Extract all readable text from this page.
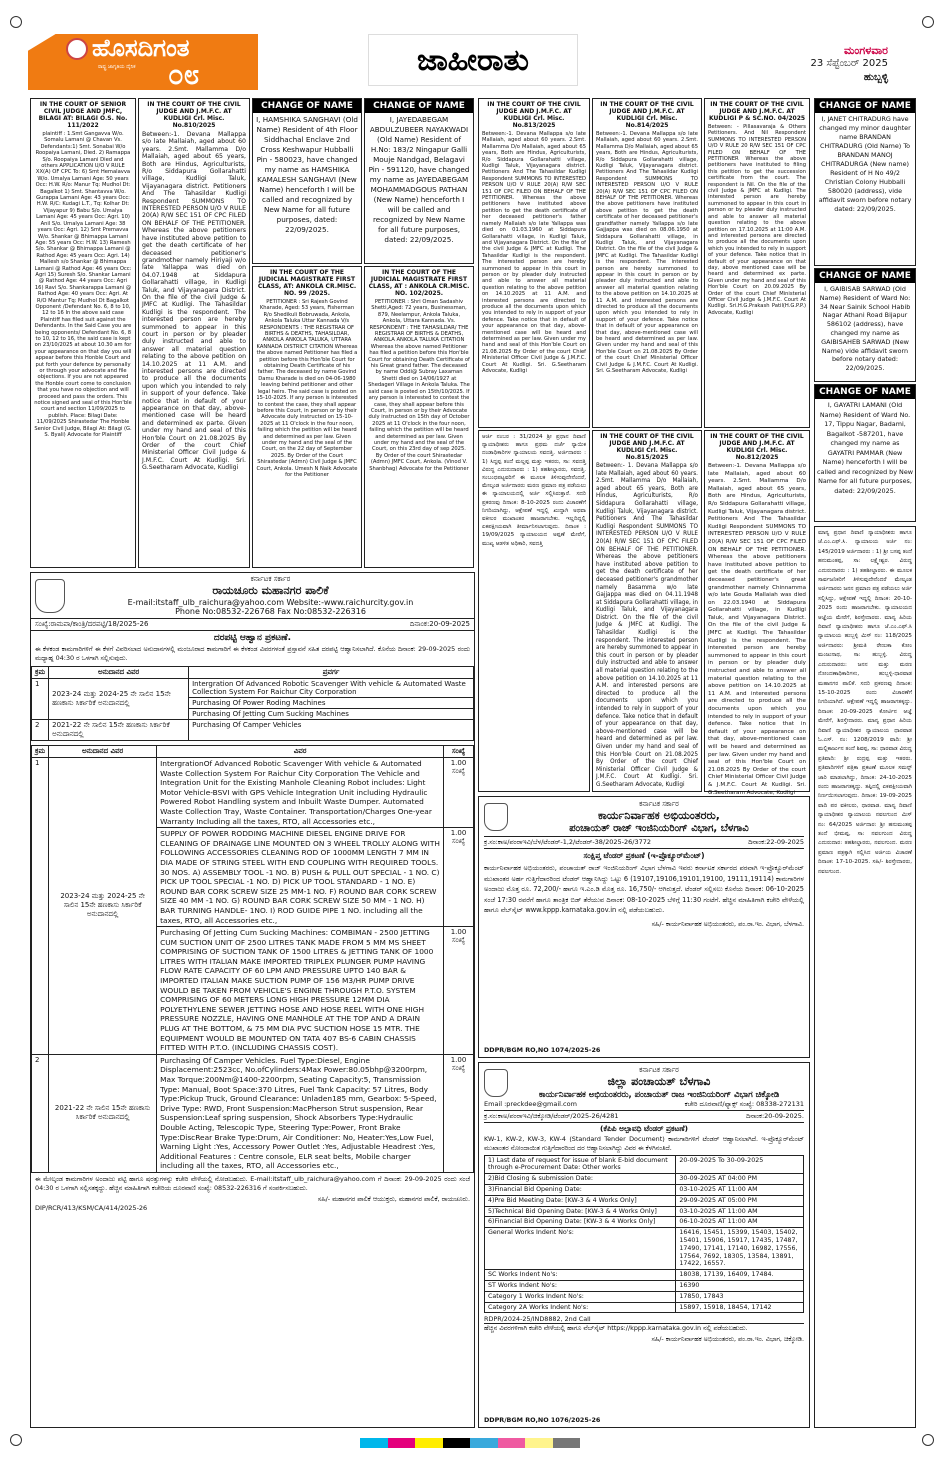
ಹೊಸದಿಗಂತ
ರಾಷ್ಟ್ರ ಜಾಗೃತಿಯ ದೈನಿಕ ೦೮	ಜಾಹೀರಾತು	ಮಂಗಳವಾರ
23 ಸೆಪ್ಟೆಂಬರ್ 2025
ಹುಬ್ಬಳ್ಳಿ
IN THE COURT OF SENIOR CIVIL JUDGE AND JMFC, BILAGI AT: BILAGI O.S. No. 111/2022
plaintiff : 1.Smt Gangavva W/o. Somalu Lamani @ Chavan Vs. Defendants:1) Smt. Sonabai W/o Roopaiya Lamani, Died. 2) Ramappa S/o. Roopaiya Lamani Died and others APPLICATION U/O V RULE XX(A) OF CPC To: 6) Smt Hemalavva W/o. Umalya Lamani Age: 50 years Occ: H.W. R/o: Manur Tq: Mudhol Dt: Bagalkot 1) Smt. Shantavva W/o. Gurappa Lamani Age: 43 years Occ: H.W. R/C: Kudagi L.T., Tq: Kolhar Dt: Vijayapur 9) Babu S/o. Umalya Lamani Age: 45 years Occ: Agri. 10) Anil S/o. Umalya Lamani Age: 38 years Occ: Agri. 12) Smt Premavva W/o. Shankar @ Bhimappa Lamani Age: 55 years Occ: H.W. 13) Ramesh S/o. Shankar @ Bhimappa Lamani @ Rathod Age: 45 years Occ: Agri. 14) Mallesh s/o Shankar @ Bhimappa Lamani @ Rathod Age: 46 years Occ: Agri 15) Suresh S/o. Shankar Lamani @ Rathod Age: 44 years Occ: Agri 16) Ravi S/o. Shankarappa Lamani @ Rathod Age: 40 years Occ: Agri. At R/O Mantur Tq: Mudhol Dt Bagalkot Opponent /Defendant No. 6, 8 to 10, 12 to 16 In the above said case Plaintiff has filed suit against the Defendants. In the Said Case you are being opponents/ Defendant No. 6, 8 to 10, 12 to 16, the said case is kept on 23/10/2025 at about 10.30 am for your appearance on that day you will appear before this Honble Court and put forth your defence by personally or through your advocate and file objections. If you are not appeared the Honble court come to conclusion that you have no objection and will proceed and pass the orders. This notice signed and seal of this Hon'ble court and section 11/09/2025 to publish. Place: Bilagi Date: 11/09/2025 Shirastedar The Honble Senior Civil Judge, Bilagi At: Bilagi (G. S. Byali) Advocate for Plaintiff
IN THE COURT OF THE CIVIL JUDGE AND J.M.F.C. AT KUDLIGI Crl. Misc. No.810/2025
Between:-1. Devana Mallappa s/o late Mallaiah, aged about 60 years. 2.Smt. Mallamma D/o Mallaiah, aged about 65 years, Both are Hindus, Agriculturists, R/o Siddapura Gollarahatti village, Kudligi Taluk, Vijayanagara district. Petitioners And The Tahasildar Kudligi Respondent SUMMONS TO INTERESTED PERSON U/O V RULE 20(A) R/W SEC 151 OF CPC FILED ON BEHALF OF THE PETITIONER. Whereas the above petitioners have instituted above petition to get the death certificate of her deceased petitioner's grandmother namely Hiriyaji w/o late Yallappa was died on 04.07.1948 at Siddapura Gollarahatti village, in Kudligi Taluk, and Vijayanagara District. On the file of the civil Judge & JMFC at Kudligi. The Tahasildar Kudligi is the respondent. The interested person are hereby summoned to appear in this court in person or by pleader duly instructed and able to answer all material question relating to the above petition on 14.10.2025 at 11 A.M. and interested persons are directed to produce all the documents upon which you intended to rely in support of your defence. Take notice that in default of your appearance on that day, above-mentioned case will be heard and determined ex parte. Given under my hand and seal of this Hon'ble Court on 21.08.2025 By Order of the court Chief Ministerial Officer Civil Judge & J.M.F.C. Court At Kudligi. Sri. G.Seetharam Advocate, Kudligi
CHANGE OF NAME
I, HAMSHIKA SANGHAVI (Old Name) Resident of 4th Floor Siddhachal Enclave 2nd Cross Keshwapur Hubballi Pin - 580023, have changed my name as HAMSHIKA KAMALESH SANGHAVI (New Name) henceforth I will be called and recognized by New Name for all future purposes, dated: 22/09/2025.
CHANGE OF NAME
I, JAYEDABEGAM ABDULZUBEER NAYAKWADI (Old Name) Resident of H.No: 183/2 Ningapur Galli Mouje Nandgad, Belagavi Pin - 591120, have changed my name as JAYEDABEGAM MOHAMMADGOUS PATHAN (New Name) henceforth I will be called and recognized by New Name for all future purposes, dated: 22/09/2025.
IN THE COURT OF THE JUDICIAL MAGISTRATE FIRST CLASS, AT: ANKOLA CR.MISC. NO. 99 /2025.
PETITIONER : Sri Rajesh Govind Kharade, Aged: 53 years, Fisherman R/o Shedikuli Bobruwada, Ankola, Ankola Taluka Uttar Kannada V/s RESPONDENTS : THE REGISTRAR OF BIRTHS & DEATHS, TAHASILDAR, ANKOLA ANKOLA TALUKA, UTTARA KANNADA DISTRICT CITATION Whereas the above named Petitioner has filed a petition before this Hon'ble Court for obtaining Death Certificate of his father. The deceased by name Govind Damu Kharade is died on 04-06-1980 leaving behind petitioner and other legal heirs. The said case is posted on 15-10-2025. If any person is interested to contest the case, they shall appear before this Court, in person or by their Advocate duly instructed on 15-10-2025 at 11 O'clock in the four noon, failing which the petition will be heard and determined as per law. Given under my hand and the seal of the Court, on the 22 day of September 2025. By Order of the Court Shirastedar (Admn) Civil Judge & JMFC Court, Ankola. Umesh N Naik Advocate for the Petitioner
IN THE COURT OF THE JUDICIAL MAGISTRATE FIRST CLASS, AT : ANKOLA CR.MISC. NO. 102/2025.
PETITIONER : Shri Oman Sadashiv Shetti,Aged: 72 years, Businessman, 879, Neelampur, Ankola Taluka, Ankola, Uttara Kannada. Vs. RESPONDENT : THE TAHASILDAR/ THE REGISTRAR OF BIRTHS & DEATHS, ANKOLA ANKOLA TALUKA CITATION Whereas the above named Petitioner has filed a petition before this Hon'ble Court for obtaining Death Certificate of his Great grand father. The deceased by name Oddi@ Subray Laxaman Shetti died on 14/06/1927 at Shedageri Village in Ankola Taluka. The said case is posted on 15th/10/2025. If any person is interested to contest the case, they shall appear before this Court, in person or by their Advocate duly instructed on 15th day of October 2025 at 11 O'clock in the four noon, failing which the petition will be heard and determined as per law. Given under my hand and the seal of the Court, on this 23rd day of sep 2025. By Order of the court Shirastedar (Admn) JMFC Court, Ankola. (Vinod V. Shanbhag) Advocate for the Petitioner
IN THE COURT OF THE CIVIL JUDGE AND J.M.F.C. AT KUDLIGI Crl. Misc. No.813/2025
Between:-1. Devana Mallappa s/o late Mallaiah, aged about 60 years. 2.Smt. Mallamma D/o Mallaiah, aged about 65 years, Both are Hindus, Agriculturists, R/o Siddapura Gollarahatti village, Kudligi Taluk, Vijayanagara district. Petitioners And The Tahasildar Kudligi Respondent SUMMONS TO INTERESTED PERSON U/O V RULE 20(A) R/W SEC 151 OF CPC FILED ON BEHALF OF THE PETITIONER. Whereas the above petitioners have instituted above petition to get the death certificate of her deceased petitioner's father namely Mallaiah s/o late Yallappa was died on 01.03.1960 at Siddapura Gollarahatti village, in Kudligi Taluk, and Vijayanagara District. On the file of the civil Judge & JMFC at Kudligi. The Tahasildar Kudligi is the respondent. The interested person are hereby summoned to appear in this court in person or by pleader duly instructed and able to answer all material question relating to the above petition on 14.10.2025 at 11 A.M. and interested persons are directed to produce all the documents upon which you intended to rely in support of your defence. Take notice that in default of your appearance on that day, above-mentioned case will be heard and determined as per law. Given under my hand and seal of this Hon'ble Court on 21.08.2025 By Order of the court Chief Ministerial Officer Civil Judge & J.M.F.C. Court At Kudligi. Sri. G.Seetharam Advocate, Kudligi
IN THE COURT OF THE CIVIL JUDGE AND J.M.F.C. AT KUDLIGI Crl. Misc. No.814/2025
Between:-1. Devana Mallappa s/o late Mallaiah, aged about 60 years. 2.Smt. Mallamma D/o Mallaiah, aged about 65 years, Both are Hindus, Agriculturists, R/o Siddapura Gollarahatti village, Kudligi Taluk, Vijayanagara district. Petitioners And The Tahasildar Kudligi Respondent SUMMONS TO INTERESTED PERSON U/O V RULE 20(A) R/W SEC 151 OF CPC FILED ON BEHALF OF THE PETITIONER. Whereas the above petitioners have instituted above petition to get the death certificate of her deceased petitioner's grandfather namely Yallappa s/o late Gajjappa was died on 08.06.1950 at Siddapura Gollarahatti village, in Kudligi Taluk, and Vijayanagara District. On the file of the civil Judge & JMFC at Kudligi. The Tahasildar Kudligi is the respondent. The interested person are hereby summoned to appear in this court in person or by pleader duly instructed and able to answer all material question relating to the above petition on 14.10.2025 at 11 A.M. and interested persons are directed to produce all the documents upon which you intended to rely in support of your defence. Take notice that in default of your appearance on that day, above-mentioned case will be heard and determined as per law. Given under my hand and seal of this Hon'ble Court on 21.08.2025 By Order of the court Chief Ministerial Officer Civil Judge & J.M.F.C. Court At Kudligi. Sri. G.Seetharam Advocate, Kudligi
IN THE COURT OF THE CIVIL JUDGE AND J.M.F.C. AT KUDLIGI P & SC.NO. 04/2025
Between: - Pillasavaraja & Others Petitioners. And Nil Respondent SUMMONS TO INTERESTED PERSON U/O V RULE 20 R/W SEC 151 OF CPC FILED ON BEHALF OF THE PETITIONER Whereas the above petitioners have instituted to filing this petition to get the succession certificate from the court. The respondent is Nil. On the file of the civil Judge & JMFC at Kudligi. The interested person are hereby summoned to appear in this court in person or by pleader duly instructed and able to answer all material question relating to the above petition on 17.10.2025 at 11:00 A.M. and interested persons are directed to produce all the documents upon which you intended to rely in support of your defence. Take notice that in default of your appearance on that day, above mentioned case will be heard and determined ex parte. Given under my hand and seal of this Hon'ble Court on 20.09.2025 By Order of the court Chief Ministerial Officer Civil Judge & J.M.F.C. Court At Kudligi. Sri.H.G.Prakash Patil(H.G.P.P.) Advocate, Kudligi
CHANGE OF NAME
I, JANET CHITRADURG have changed my minor daughter name BRANDAN CHITRADURG (Old Name) To BRANDAN MANOJ CHITRADURGA (New name) Resident of H No 49/2 Christian Colony Hubballi 580020 (address), vide affidavit sworn before notary dated: 22/09/2025.
CHANGE OF NAME
I, GAIBISAB SARWAD (Old Name) Resident of Ward No: 34 Near Sainik School Habib Nagar Athani Road Bijapur 586102 (address), have changed my name as GAIBISAHEB SARWAD (New Name) vide affidavit sworn before notary dated: 22/09/2025.
CHANGE OF NAME
I, GAYATRI LAMANI (Old Name) Resident of Ward No. 17, Tippu Nagar, Badami, Bagalkot -587201, have changed my name as GAYATRI PAMMAR (New Name) henceforth I will be called and recognized by New Name for all future purposes, dated: 22/09/2025.
ಆರ್ಜಿ ನಂಬರ : 31/2024 ಶ್ರೀ ಪ್ರಧಾನ ದಿವಾಣಿ ನ್ಯಾಯಾಧೀಶರು ಹಾಗೂ ಪ್ರಥಮ ದರ್ಜೆ ನ್ಯಾಯಿಕ ದಂಡಾಧಿಕಾರಿಗಳ ನ್ಯಾಯಾಲಯ ಸವದತ್ತಿ. ಅರ್ಜಿದಾರರು : 1) ಸಿದ್ದಪ್ಪ ತಂದೆ ಮಲ್ಲಪ್ಪ ಮತ್ತು ಇತರರು, ಸಾ: ಸವದತ್ತಿ ವಿರುದ್ಧ ಎದುರುದಾರರು : 1) ತಹಶೀಲ್ದಾರರು, ಸವದತ್ತಿ. ಸಂಬಂಧಪಟ್ಟವರಿಗೆ ಈ ಮೂಲಕ ತಿಳಿಸುವುದೇನೆಂದರೆ, ಮೇಲ್ಕಂಡ ಅರ್ಜಿದಾರರು ಮರಣ ಪ್ರಮಾಣ ಪತ್ರ ಪಡೆಯಲು ಈ ನ್ಯಾಯಾಲಯದಲ್ಲಿ ಅರ್ಜಿ ಸಲ್ಲಿಸಿರುತ್ತಾರೆ. ಸದರಿ ಪ್ರಕರಣವು ದಿನಾಂಕ: 8-10-2025 ರಂದು ವಿಚಾರಣೆಗೆ ನಿಗದಿಯಾಗಿದ್ದು, ಆಕ್ಷೇಪಣೆ ಇದ್ದಲ್ಲಿ ಖುದ್ದಾಗಿ ಅಥವಾ ವಕೀಲರ ಮುಖಾಂತರ ಹಾಜರಾಗಬೇಕು. ಇಲ್ಲದಿದ್ದಲ್ಲಿ ಏಕಪಕ್ಷೀಯವಾಗಿ ತೀರ್ಮಾನಿಸಲಾಗುವುದು. ದಿನಾಂಕ : 19/09/2025 ನ್ಯಾಯಾಲಯದ ಅಪ್ಪಣೆ ಮೇರೆಗೆ, ಮುಖ್ಯ ಆಡಳಿತ ಅಧಿಕಾರಿ, ಸವದತ್ತಿ
IN THE COURT OF THE CIVIL JUDGE AND J.M.F.C. AT KUDLIGI Crl. Misc. No.815/2025
Between:- 1. Devana Mallappa s/o late Mallaiah, aged about 60 years. 2.Smt. Mallamma D/o Mallaiah, aged about 65 years, Both are Hindus, Agriculturists, R/o Siddapura Gollarahatti village, Kudligi Taluk, Vijayanagara district. Petitioners And The Tahasildar Kudligi Respondent SUMMONS TO INTERESTED PERSON U/O V RULE 20(A) R/W SEC 151 OF CPC FILED ON BEHALF OF THE PETITIONER. Whereas the above petitioners have instituted above petition to get the death certificate of her deceased petitioner's grandmother namely Basamma w/o late Gajjappa was died on 04.11.1948 at Siddapura Gollarahatti village, in Kudligi Taluk, and Vijayanagara District. On the file of the civil Judge & JMFC at Kudligi. The Tahasildar Kudligi is the respondent. The interested person are hereby summoned to appear in this court in person or by pleader duly instructed and able to answer all material question relating to the above petition on 14.10.2025 at 11 A.M. and interested persons are directed to produce all the documents upon which you intended to rely in support of your defence. Take notice that in default of your appearance on that day, above-mentioned case will be heard and determined as per law. Given under my hand and seal of this Hon'ble Court on 21.08.2025 By Order of the court Chief Ministerial Officer Civil Judge & J.M.F.C. Court At Kudligi. Sri. G.Seetharam Advocate, Kudligi
IN THE COURT OF THE CIVIL JUDGE AND J.M.F.C. AT KUDLIGI Crl. Misc. No.812/2025
Between:-1. Devana Mallappa s/o late Mallaiah, aged about 60 years. 2.Smt. Mallamma D/o Mallaiah, aged about 65 years, Both are Hindus, Agriculturists, R/o Siddapura Gollarahatti village, Kudligi Taluk, Vijayanagara district. Petitioners And The Tahasildar Kudligi Respondent SUMMONS TO INTERESTED PERSON U/O V RULE 20(A) R/W SEC 151 OF CPC FILED ON BEHALF OF THE PETITIONER. Whereas the above petitioners have instituted above petition to get the death certificate of her deceased petitioner's great grandmother namely Chinnamma w/o late Gouda Mallaiah was died on 22.03.1940 at Siddapura Gollarahatti village, in Kudligi Taluk, and Vijayanagara District. On the file of the civil Judge & JMFC at Kudligi. The Tahasildar Kudligi is the respondent. The interested person are hereby summoned to appear in this court in person or by pleader duly instructed and able to answer all material question relating to the above petition on 14.10.2025 at 11 A.M. and interested persons are directed to produce all the documents upon which you intended to rely in support of your defence. Take notice that in default of your appearance on that day, above-mentioned case will be heard and determined as per law. Given under my hand and seal of this Hon'ble Court on 21.08.2025 By Order of the court Chief Ministerial Officer Civil Judge & J.M.F.C. Court At Kudligi. Sri. G.Seetharam Advocate, Kudligi
ಮಾನ್ಯ ಪ್ರಧಾನ ದಿವಾಣಿ ನ್ಯಾಯಾಧೀಶರು ಹಾಗೂ ಜೆ.ಎಂ.ಎಫ್.ಸಿ. ನ್ಯಾಯಾಲಯ ಅರ್ಜಿ ನಂ: 145/2019 ಅರ್ಜಿದಾರರು : 1) ಶ್ರೀ ಬಸಪ್ಪ ತಂದೆ ಹನುಮಂತಪ್ಪ, ಸಾ: ಲಕ್ಷ್ಮೇಶ್ವರ. ವಿರುದ್ಧ ಎದುರುದಾರರು : 1) ತಹಶೀಲ್ದಾರರು. ಈ ಮೂಲಕ ಸಾರ್ವಜನಿಕರಿಗೆ ತಿಳಿಸುವುದೇನೆಂದರೆ ಮೇಲ್ಕಂಡ ಅರ್ಜಿದಾರರು ಜನನ ಪ್ರಮಾಣ ಪತ್ರ ಪಡೆಯಲು ಅರ್ಜಿ ಸಲ್ಲಿಸಿದ್ದು, ಆಕ್ಷೇಪಣೆ ಇದ್ದಲ್ಲಿ ದಿನಾಂಕ: 20-10-2025 ರಂದು ಹಾಜರಾಗಬೇಕು. ನ್ಯಾಯಾಲಯದ ಆಜ್ಞೆಯ ಮೇರೆಗೆ, ಶಿರಸ್ತೇದಾರರು. ಮಾನ್ಯ ಹಿರಿಯ ದಿವಾಣಿ ನ್ಯಾಯಾಧೀಶರು ಹಾಗೂ ಜೆ.ಎಂ.ಎಫ್.ಸಿ ನ್ಯಾಯಾಲಯ ಹುಬ್ಬಳ್ಳಿ ಮಿಸ್ ನಂ: 118/2025 ಅರ್ಜಿದಾರರು: ಶ್ರೀಮತಿ ರೇಣುಕಾ ಕೋಂ ಮಂಜುನಾಥ, ಸಾ: ಹುಬ್ಬಳ್ಳಿ. ವಿರುದ್ಧ ಎದುರುದಾರರು: ಜನನ ಮತ್ತು ಮರಣ ನೋಂದಣಾಧಿಕಾರಿಗಳು, ಹುಬ್ಬಳ್ಳಿ-ಧಾರವಾಡ ಮಹಾನಗರ ಪಾಲಿಕೆ. ಸದರಿ ಪ್ರಕರಣವು ದಿನಾಂಕ: 15-10-2025 ರಂದು ವಿಚಾರಣೆಗೆ ನಿಗದಿಯಾಗಿದೆ. ಆಕ್ಷೇಪಣೆ ಇದ್ದಲ್ಲಿ ಹಾಜರಾಗತಕ್ಕದ್ದು. ದಿನಾಂಕ: 20-09-2025 ಕೋರ್ಟಿನ ಆಜ್ಞೆ ಮೇರೆಗೆ, ಶಿರಸ್ತೇದಾರರು. ಮಾನ್ಯ ಪ್ರಧಾನ ಹಿರಿಯ ದಿವಾಣಿ ನ್ಯಾಯಾಧೀಶರ ನ್ಯಾಯಾಲಯ ಧಾರವಾಡ ಓ.ಎಸ್. ನಂ: 1208/2019 ವಾದಿ: ಶ್ರೀ ಮಲ್ಲಿಕಾರ್ಜುನ ತಂದೆ ಶಿವಪ್ಪ, ಸಾ: ಧಾರವಾಡ ವಿರುದ್ಧ ಪ್ರತಿವಾದಿ: ಶ್ರೀ ರುದ್ರಪ್ಪ ಮತ್ತು ಇತರರು. ಪ್ರತಿವಾದಿಗಳಿಗೆ ಪತ್ರಿಕಾ ಪ್ರಕಟಣೆ ಮೂಲಕ ಸಮನ್ಸ್ ಜಾರಿ ಮಾಡಲಾಗಿದ್ದು, ದಿನಾಂಕ: 24-10-2025 ರಂದು ಹಾಜರಾಗತಕ್ಕದ್ದು. ತಪ್ಪಿದಲ್ಲಿ ಏಕಪಕ್ಷೀಯವಾಗಿ ನಿರ್ಣಯಿಸಲಾಗುವುದು. ದಿನಾಂಕ: 19-09-2025 ವಾದಿ ಪರ ವಕೀಲರು, ಧಾರವಾಡ. ಮಾನ್ಯ ದಿವಾಣಿ ನ್ಯಾಯಾಧೀಶರ ನ್ಯಾಯಾಲಯ ನವಲಗುಂದ ಮಿಸ್ ನಂ: 64/2025 ಅರ್ಜಿದಾರ: ಶ್ರೀ ಹನುಮಂತಪ್ಪ ತಂದೆ ಭೀಮಪ್ಪ, ಸಾ: ನವಲಗುಂದ ವಿರುದ್ಧ ಎದುರುದಾರ: ತಹಶೀಲ್ದಾರರು, ನವಲಗುಂದ. ಮರಣ ಪ್ರಮಾಣ ಪತ್ರಕ್ಕಾಗಿ ಸಲ್ಲಿಸಿದ ಅರ್ಜಿಯ ವಿಚಾರಣೆ ದಿನಾಂಕ: 17-10-2025. ಸಹಿ/- ಶಿರಸ್ತೇದಾರರು, ನವಲಗುಂದ.
ಕರ್ನಾಟಕ ಸರ್ಕಾರ
ರಾಯಚೂರು ಮಹಾನಗರ ಪಾಲಿಕೆ
E-mail:itstaff_ulb_raichura@yahoo.com Website:-www.raichurcity.gov.in
Phone No:08532-226768 Fax No:08532-226316
ಸಂಖ್ಯೆ:ರಾಮಪಾ/ಕಾಂತ್ರಿ/ದರಪಟ್ಟಿ/18/2025-26	ದಿನಾಂಕ:20-09-2025
ದರಪಟ್ಟಿ ಆಹ್ವಾನ ಪ್ರಕಟಣೆ.
ಈ ಕೆಳಕಂಡ ಕಾಮಗಾರಿಗಳಿಗೆ ಈ ಕೆಳಗೆ ವಿವರಿಸಲಾದ ಅನುದಾನಗಳಲ್ಲಿ ಮಂಜೂರಾದ ಕಾಮಗಾರಿಗೆ ಈ ಕೆಳಕಂಡ ವಿವರಗಳಂತೆ ಪ್ರಸ್ತಾವನೆ ಸಹಿತ ದರಪಟ್ಟಿ ಆಹ್ವಾನಿಸಲಾಗಿದೆ. ಕೊನೆಯ ದಿನಾಂಕ: 29-09-2025 ರಂದು ಮಧ್ಯಾಹ್ನ 04:30 ರ ಒಳಗಾಗಿ ಸಲ್ಲಿಸುವುದು.
ಕ್ರಮ	ಅನುದಾನದ ವಿವರ	ಪ್ರವರ್ಗ
1	2023-24 ಮತ್ತು 2024-25 ನೇ ಸಾಲಿನ 15ನೇ ಹಣಕಾಸು ಸಿರ್ಕಾರಿಕೆ ಅನುದಾನದಲ್ಲಿ	Intergration Of Advanced Robotic Scavenger With vehicle & Automated Waste Collection System For Raichur City Corporation
		Purchasing Of Power Roding Machines
		Purchasing Of Jetting Cum Sucking Machines
2	2021-22 ನೇ ಸಾಲಿನ 15ನೇ ಹಣಕಾಸು ಸಿರ್ಕಾರಿಕೆ ಅನುದಾನದಲ್ಲಿ	Purchasing Of Camper Vehicles
ಕ್ರಮ	ಅನುದಾನದ ವಿವರ	ವಿವರ	ಸಂಖ್ಯೆ
1	2023-24 ಮತ್ತು 2024-25 ನೇ ಸಾಲಿನ 15ನೇ ಹಣಕಾಸು ಸಿರ್ಕಾರಿಕೆ ಅನುದಾನದಲ್ಲಿ	IntergrationOf Advanced Robotic Scavenger With vehicle & Automated Waste Collection System For Raichur City Corporation The Vehicle and Integration Unit for the Existing Manhole Cleaning Robot includes: Light Motor Vehicle-BSVI with GPS Vehicle Integration Unit including Hydraulic Powered Robot Handling system and Inbuilt Waste Dumper. Automated Waste Collection Tray, Waste Container. Transportation/Charges One-year Warranty Including all the taxes, RTO, all Accessories etc.,	1.00 ಸಂಖ್ಯೆ
		SUPPLY OF POWER RODDING MACHINE DIESEL ENGINE DRIVE FOR CLEANING OF DRAINAGE LINE MOUNTED ON 3 WHEEL TROLLY ALONG WITH FOLLOWING ACCESSORIES CLEANING ROD OF 1000MM LENGTH 7 MM IN DIA MADE OF STRING STEEL WITH END COUPLING WITH REQUIRED TOOLS. 30 NOS. A) ASSEMBLY TOOL -1 NO. B) PUSH & PULL OUT SPECIAL - 1 NO. C) PICK UP TOOL SPECIAL -1 NO. D) PICK UP TOOL STANDARD - 1 NO. E) ROUND BAR CORK SCREW SIZE 25 MM-1 NO. F) ROUND BAR CORK SCREW SIZE 40 MM -1 NO. G) ROUND BAR CORK SCREW SIZE 50 MM - 1 NO. H) BAR TURNING HANDLE- 1NO. I) ROD GUIDE PIPE 1 NO. including all the taxes, RTO, all Accessories etc.,	1.00 ಸಂಖ್ಯೆ
		Purchasing Of Jetting Cum Sucking Machines: COMBIMAN - 2500 JETTING CUM SUCTION UNIT OF 2500 LITRES TANK MADE FROM 5 MM MS SHEET COMPRISING OF SUCTION TANK OF 1500 LITRES & JETTING TANK OF 1000 LITRES WITH ITALIAN MAKE IMPORTED TRIPLEX PLUNGER PUMP HAVING FLOW RATE CAPACITY OF 60 LPM AND PRESSURE UPTO 140 BAR & IMPORTED ITALIAN MAKE SUCTION PUMP OF 156 M3/HR PUMP DRIVE WOULD BE TAKEN FROM VEHICLE'S ENGINE THROUGH P.T.O. SYSTEM COMPRISING OF 60 METERS LONG HIGH PRESSURE 12MM DIA POLYETHYLENE SEWER JETTING HOSE AND HOSE REEL WITH ONE HIGH PRESSURE NOZZLE, HAVING ONE MANHOLE AT THE TOP AND A DRAIN PLUG AT THE BOTTOM, & 75 MM DIA PVC SUCTION HOSE 15 MTR. THE EQUIPMENT WOULD BE MOUNTED ON TATA 407 BS-6 CABIN CHASSIS FITTED WITH P.T.O. (INCLUDING CHASSIS COST).	1.00 ಸಂಖ್ಯೆ
2	2021-22 ನೇ ಸಾಲಿನ 15ನೇ ಹಣಕಾಸು ಸಿರ್ಕಾರಿಕೆ ಅನುದಾನದಲ್ಲಿ	Purchasing Of Camper Vehicles. Fuel Type:Diesel, Engine Displacement:2523cc, No.ofCylinders:4Max Power:80.05bhp@3200rpm, Max Torque:200Nm@1400-2200rpm, Seating Capacity:5, Transmission Type: Manual, Boot Space:370 Litres, Fuel Tank Capacity: 57 Litres, Body Type:Pickup Truck, Ground Clearance: Unladen185 mm, Gearbox: 5-Speed, Drive Type: RWD, Front Suspension:MacPherson Strut suspension, Rear Suspension:Leaf spring suspension, Shock Absorbers Type:Hydraulic Double Acting, Telescopic Type, Steering Type:Power, Front Brake Type:DiscRear Brake Type:Drum, Air Conditioner: No, Heater:Yes,Low Fuel, Warning Light :Yes, Accessory Power Outlet :Yes, Adjustable Headrest :Yes, Additional Features : Centre console, ELR seat belts, Mobile charger including all the taxes, RTO, all Accessories etc.,	1.00 ಸಂಖ್ಯೆ
ಈ ಮೇಲ್ಕಂಡ ಕಾಮಗಾರಿಗಳ ಅಂದಾಜು ಪಟ್ಟಿ ಹಾಗೂ ಷರತ್ತುಗಳನ್ನು ಕಚೇರಿ ವೇಳೆಯಲ್ಲಿ ನೋಡಬಹುದು. E-mail:itstaff_ulb_raichura@yahoo.com ಗೆ ದಿನಾಂಕ: 29-09-2025 ರಂದು ಸಂಜೆ 04:30 ರ ಒಳಗಾಗಿ ಸಲ್ಲಿಸತಕ್ಕದ್ದು. ಹೆಚ್ಚಿನ ಮಾಹಿತಿಗಾಗಿ ಕಚೇರಿಯ ದೂರವಾಣಿ ಸಂಖ್ಯೆ: 08532-226316 ಗೆ ಸಂಪರ್ಕಿಸಬಹುದು.
ಸಹಿ/- ಮಹಾನಗರ ಪಾಲಿಕೆ ಆಯುಕ್ತರು, ಮಹಾನಗರ ಪಾಲಿಕೆ, ರಾಯಚೂರು.
DIP/RCR/413/KSM/CA/414/2025-26
ಕರ್ನಾಟಕ ಸರ್ಕಾರ
ಕಾರ್ಯನಿರ್ವಾಹಕ ಅಭಿಯಂತರರು,
ಪಂಚಾಯತ್ ರಾಜ್ ಇಂಜಿನಿಯರಿಂಗ್ ವಿಭಾಗ, ಬೆಳಗಾವಿ
ಕ್ರ.ಸಂ:ಕಾಅ/ಪಂರಾಇವಿ/ಬೆಳ/ಟೆಂಡರ್-1,2/ಟೆಂಡರ್-38/2025-26/3772	ದಿನಾಂಕ:22-09-2025
ಸಂಕ್ಷಿಪ್ತ ಟೆಂಡರ್ ಪ್ರಕಟಣೆ (ಇ-ಪ್ರೊಕ್ಯೂರ್‌ಮೆಂಟ್)
ಕಾರ್ಯನಿರ್ವಾಹಕ ಅಭಿಯಂತರರು, ಪಂಚಾಯತ್ ರಾಜ್ ಇಂಜಿನಿಯರಿಂಗ್ ವಿಭಾಗ ಬೆಳಗಾವಿ ಇವರು ಕರ್ನಾಟಕ ಸರ್ಕಾರದ ಪರವಾಗಿ ಇ-ಪ್ರೊಕ್ಯೂರ್‌ಮೆಂಟ್ ಮುಖಾಂತರ ಅರ್ಹ ಗುತ್ತಿಗೆದಾರರಿಂದ ಟೆಂಡರ್ ಆಹ್ವಾನಿಸಿದ್ದು ಒಟ್ಟು 6 (19107,19106,19101,19100, 19111,19114) ಕಾಮಗಾರಿಗಳ ಅಂದಾಜು ಮೊತ್ತ ರೂ. 72,200/- ಹಾಗೂ ಇ.ಎಂ.ಡಿ ಮೊತ್ತ ರೂ. 16,750/- ಆಗಿರುತ್ತದೆ. ಟೆಂಡರ್ ಸಲ್ಲಿಸಲು ಕೊನೆಯ ದಿನಾಂಕ: 06-10-2025 ಸಂಜೆ 17:30 ರವರೆಗೆ ಹಾಗೂ ತಾಂತ್ರಿಕ ಬಿಡ್ ತೆರೆಯುವ ದಿನಾಂಕ: 08-10-2025 ಬೆಳಿಗ್ಗೆ 11:30 ಗಂಟೆಗೆ. ಹೆಚ್ಚಿನ ಮಾಹಿತಿಗಾಗಿ ಕಚೇರಿ ವೇಳೆಯಲ್ಲಿ ಹಾಗೂ ವೆಬ್‌ಸೈಟ್ www.kppp.karnataka.gov.in ನಲ್ಲಿ ಪಡೆಯಬಹುದು.
ಸಹಿ/- ಕಾರ್ಯನಿರ್ವಾಹಕ ಅಭಿಯಂತರರು, ಪಂ.ರಾ.ಇಂ. ವಿಭಾಗ, ಬೆಳಗಾವಿ.
DDPR/BGM RO,NO 1074/2025-26
ಕರ್ನಾಟಕ ಸರ್ಕಾರ
ಜಿಲ್ಲಾ ಪಂಚಾಯತ್ ಬೆಳಗಾವಿ
ಕಾರ್ಯನಿರ್ವಾಹಕ ಅಭಿಯಂತರರು, ಪಂಚಾಯತ್ ರಾಜ ಇಂಜಿನಿಯರಿಂಗ್ ವಿಭಾಗ ಚಿಕ್ಕೋಡಿ
Email :preckdee@gmail.com	ಕಚೇರಿ ದೂರವಾಣಿ/ಫ್ಯಾಕ್ಸ್ ಸಂಖ್ಯೆ: 08338-272131
ಕ್ರ.ಸಂ:ಕಾಅ/ಪಂರಾಇವಿ/ಚಿಕ್ಕೋಡಿ/ಟೆಂಡರ್/2025-26/4281	ದಿನಾಂಕ:20-09-2025.
(ಕೆಪಿಪಿ ಅಲ್ಪಾವಧಿ ಟೆಂಡರ್ ಪ್ರಕಟಣೆ)
KW-1, KW-2, KW-3, KW-4 (Standard Tender Document) ಕಾಮಗಾರಿಗಳಿಗೆ ಟೆಂಡರ್ ಆಹ್ವಾನಿಸಲಾಗಿದೆ. ಇ-ಪ್ರೊಕ್ಯೂರ್‌ಮೆಂಟ್ ಮುಖಾಂತರ ನೋಂದಾಯಿತ ಗುತ್ತಿಗೆದಾರರಿಂದ ದರ ಆಹ್ವಾನಿಸಲಾಗಿದ್ದು ವಿವರ ಈ ಕೆಳಗಿನಂತಿದೆ.
1) Last date of request for issue of blank E-bid document through e-Procurement Date: Other works	20-09-2025 To 30-09-2025
2)Bid Closing & submission Date:	30-09-2025 AT 04:00 PM
3)Financial Bid Opening Date:	03-10-2025 AT 11:00 AM
4)Pre Bid Meeting Date: [KW-3 & 4 Works Only]	29-09-2025 AT 05:00 PM
5)Technical Bid Opening Date: [KW-3 & 4 Works Only]	03-10-2025 AT 11:00 AM
6)Financial Bid Opening Date: [KW-3 & 4 Works Only]	06-10-2025 AT 11:00 AM
General Works Indent No's:	16416, 15451, 15399, 15403, 15402, 15401, 15906, 15917, 17435, 17487, 17490, 17141, 17140, 16982, 17556, 17564, 7692, 18305, 13584, 13891, 17422, 16557.
SC Works Indent No's:	18038, 17139, 16409, 17484.
ST Works Indent No's:	16390
Category 1 Works Indent No's:	17850, 17843
Category 2A Works Indent No's:	15897, 15918, 18454, 17142
RDPR/2024-25/IND8882, 2nd Call
ಹೆಚ್ಚಿನ ವಿವರಗಳಿಗಾಗಿ ಕಚೇರಿ ವೇಳೆಯಲ್ಲಿ ಹಾಗೂ ವೆಬ್‌ಸೈಟ್ https://kppp.karnataka.gov.in ನಲ್ಲಿ ಪಡೆಯಬಹುದು.
ಸಹಿ/- ಕಾರ್ಯನಿರ್ವಾಹಕ ಅಭಿಯಂತರರು, ಪಂ.ರಾ.ಇಂ. ವಿಭಾಗ, ಚಿಕ್ಕೋಡಿ.
DDPR/BGM RO,NO 1076/2025-26
